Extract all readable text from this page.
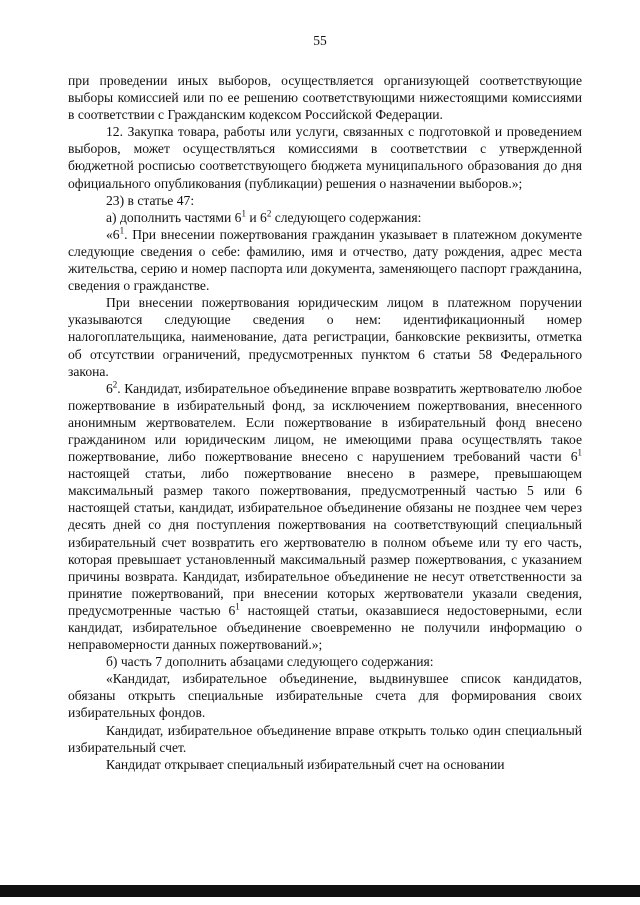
55

при проведении иных выборов, осуществляется организующей соответствующие выборы комиссией или по ее решению соответствующими нижестоящими комиссиями в соответствии с Гражданским кодексом Российской Федерации.

12. Закупка товара, работы или услуги, связанных с подготовкой и проведением выборов, может осуществляться комиссиями в соответствии с утвержденной бюджетной росписью соответствующего бюджета муниципального образования до дня официального опубликования (публикации) решения о назначении выборов.»;

23) в статье 47:

а) дополнить частями $6^1$ и $6^2$ следующего содержания:

«$6^1$. При внесении пожертвования гражданин указывает в платежном документе следующие сведения о себе: фамилию, имя и отчество, дату рождения, адрес места жительства, серию и номер паспорта или документа, заменяющего паспорт гражданина, сведения о гражданстве.

При внесении пожертвования юридическим лицом в платежном поручении указываются следующие сведения о нем: идентификационный номер налогоплательщика, наименование, дата регистрации, банковские реквизиты, отметка об отсутствии ограничений, предусмотренных пунктом 6 статьи 58 Федерального закона.

$6^2$. Кандидат, избирательное объединение вправе возвратить жертвователю любое пожертвование в избирательный фонд, за исключением пожертвования, внесенного анонимным жертвователем. Если пожертвование в избирательный фонд внесено гражданином или юридическим лицом, не имеющими права осуществлять такое пожертвование, либо пожертвование внесено с нарушением требований части $6^1$ настоящей статьи, либо пожертвование внесено в размере, превышающем максимальный размер такого пожертвования, предусмотренный частью 5 или 6 настоящей статьи, кандидат, избирательное объединение обязаны не позднее чем через десять дней со дня поступления пожертвования на соответствующий специальный избирательный счет возвратить его жертвователю в полном объеме или ту его часть, которая превышает установленный максимальный размер пожертвования, с указанием причины возврата. Кандидат, избирательное объединение не несут ответственности за принятие пожертвований, при внесении которых жертвователи указали сведения, предусмотренные частью $6^1$ настоящей статьи, оказавшиеся недостоверными, если кандидат, избирательное объединение своевременно не получили информацию о неправомерности данных пожертвований.»;

б) часть 7 дополнить абзацами следующего содержания:

«Кандидат, избирательное объединение, выдвинувшее список кандидатов, обязаны открыть специальные избирательные счета для формирования своих избирательных фондов.

Кандидат, избирательное объединение вправе открыть только один специальный избирательный счет.

Кандидат открывает специальный избирательный счет на основании
